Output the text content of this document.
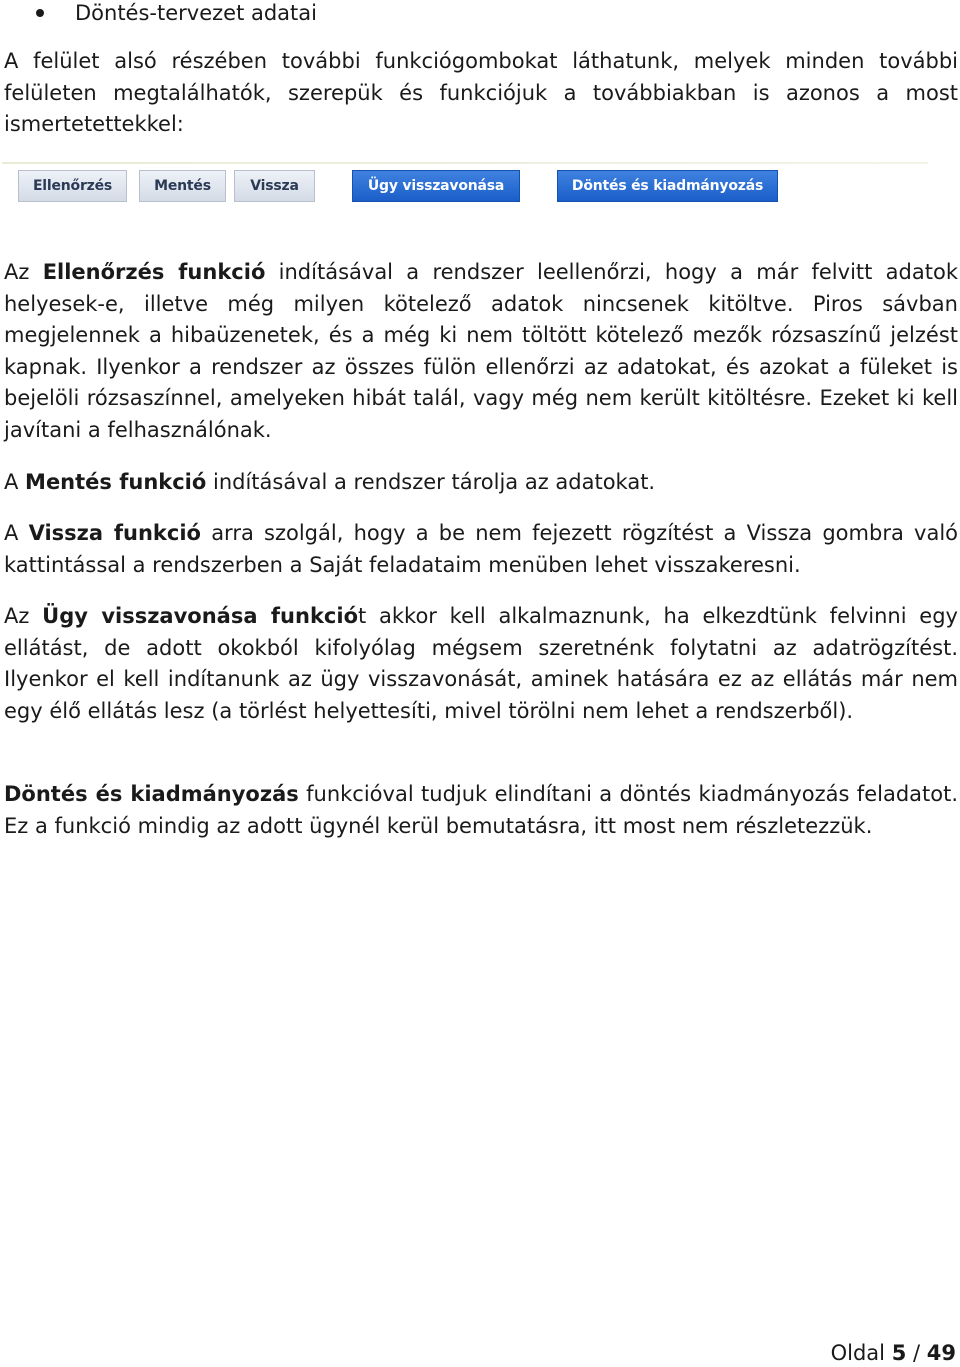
Döntés-tervezet adatai

A felület alsó részében további funkciógombokat láthatunk, melyek minden további felületen megtalálhatók, szerepük és funkciójuk a továbbiakban is azonos a most ismertetettekkel:

Ellenőrzés	Mentés	Vissza	Ügy visszavonása	Döntés és kiadmányozás

Az Ellenőrzés funkció indításával a rendszer leellenőrzi, hogy a már felvitt adatok helyesek-e, illetve még milyen kötelező adatok nincsenek kitöltve. Piros sávban megjelennek a hibaüzenetek, és a még ki nem töltött kötelező mezők rózsaszínű jelzést kapnak. Ilyenkor a rendszer az összes fülön ellenőrzi az adatokat, és azokat a füleket is bejelöli rózsaszínnel, amelyeken hibát talál, vagy még nem került kitöltésre. Ezeket ki kell javítani a felhasználónak.

A Mentés funkció indításával a rendszer tárolja az adatokat.

A Vissza funkció arra szolgál, hogy a be nem fejezett rögzítést a Vissza gombra való kattintással a rendszerben a Saját feladataim menüben lehet visszakeresni.

Az Ügy visszavonása funkciót akkor kell alkalmaznunk, ha elkezdtünk felvinni egy ellátást, de adott okokból kifolyólag mégsem szeretnénk folytatni az adatrögzítést. Ilyenkor el kell indítanunk az ügy visszavonását, aminek hatására ez az ellátás már nem egy élő ellátás lesz (a törlést helyettesíti, mivel törölni nem lehet a rendszerből).

Döntés és kiadmányozás funkcióval tudjuk elindítani a döntés kiadmányozás feladatot. Ez a funkció mindig az adott ügynél kerül bemutatásra, itt most nem részletezzük.

Oldal 5 / 49
